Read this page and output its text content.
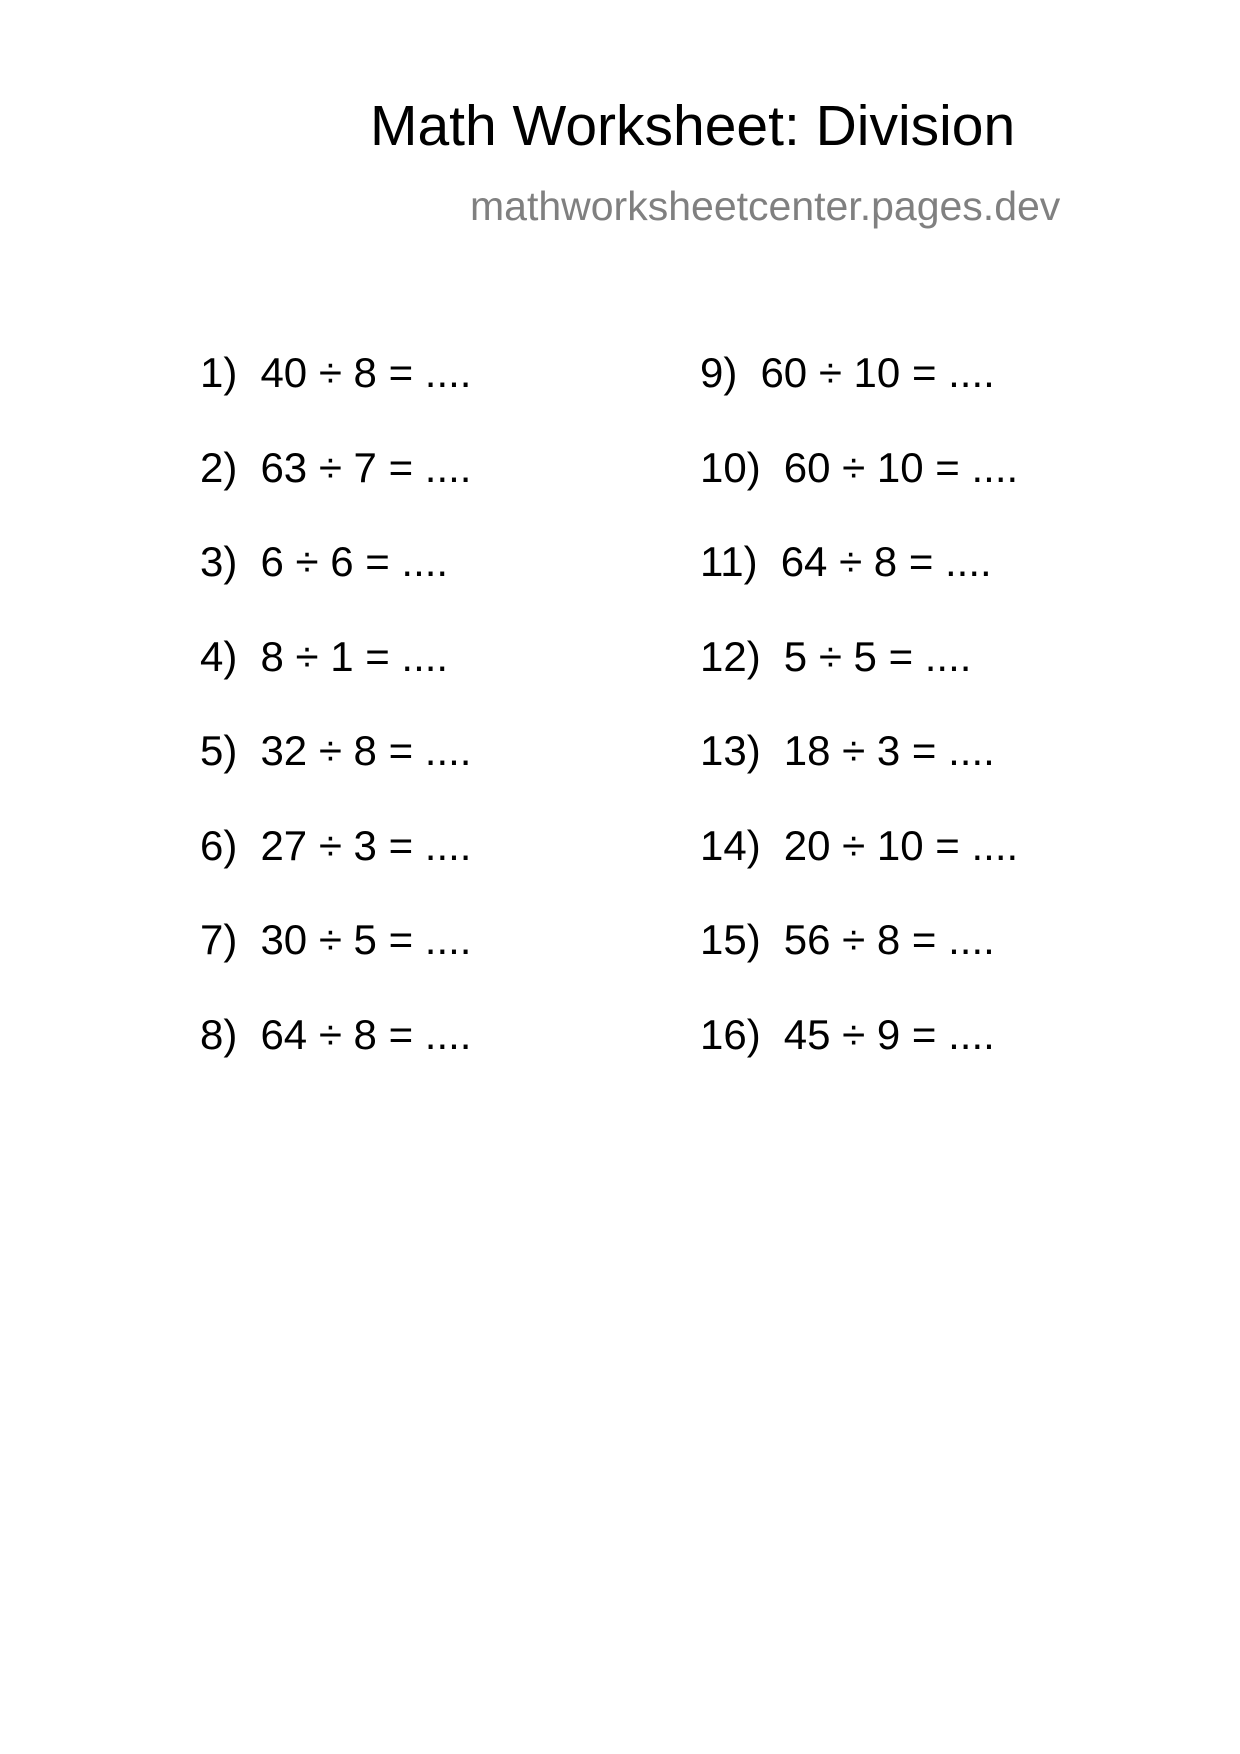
Math Worksheet: Division
mathworksheetcenter.pages.dev
1) 40 ÷ 8 = ....
2) 63 ÷ 7 = ....
3) 6 ÷ 6 = ....
4) 8 ÷ 1 = ....
5) 32 ÷ 8 = ....
6) 27 ÷ 3 = ....
7) 30 ÷ 5 = ....
8) 64 ÷ 8 = ....
9) 60 ÷ 10 = ....
10) 60 ÷ 10 = ....
11) 64 ÷ 8 = ....
12) 5 ÷ 5 = ....
13) 18 ÷ 3 = ....
14) 20 ÷ 10 = ....
15) 56 ÷ 8 = ....
16) 45 ÷ 9 = ....
